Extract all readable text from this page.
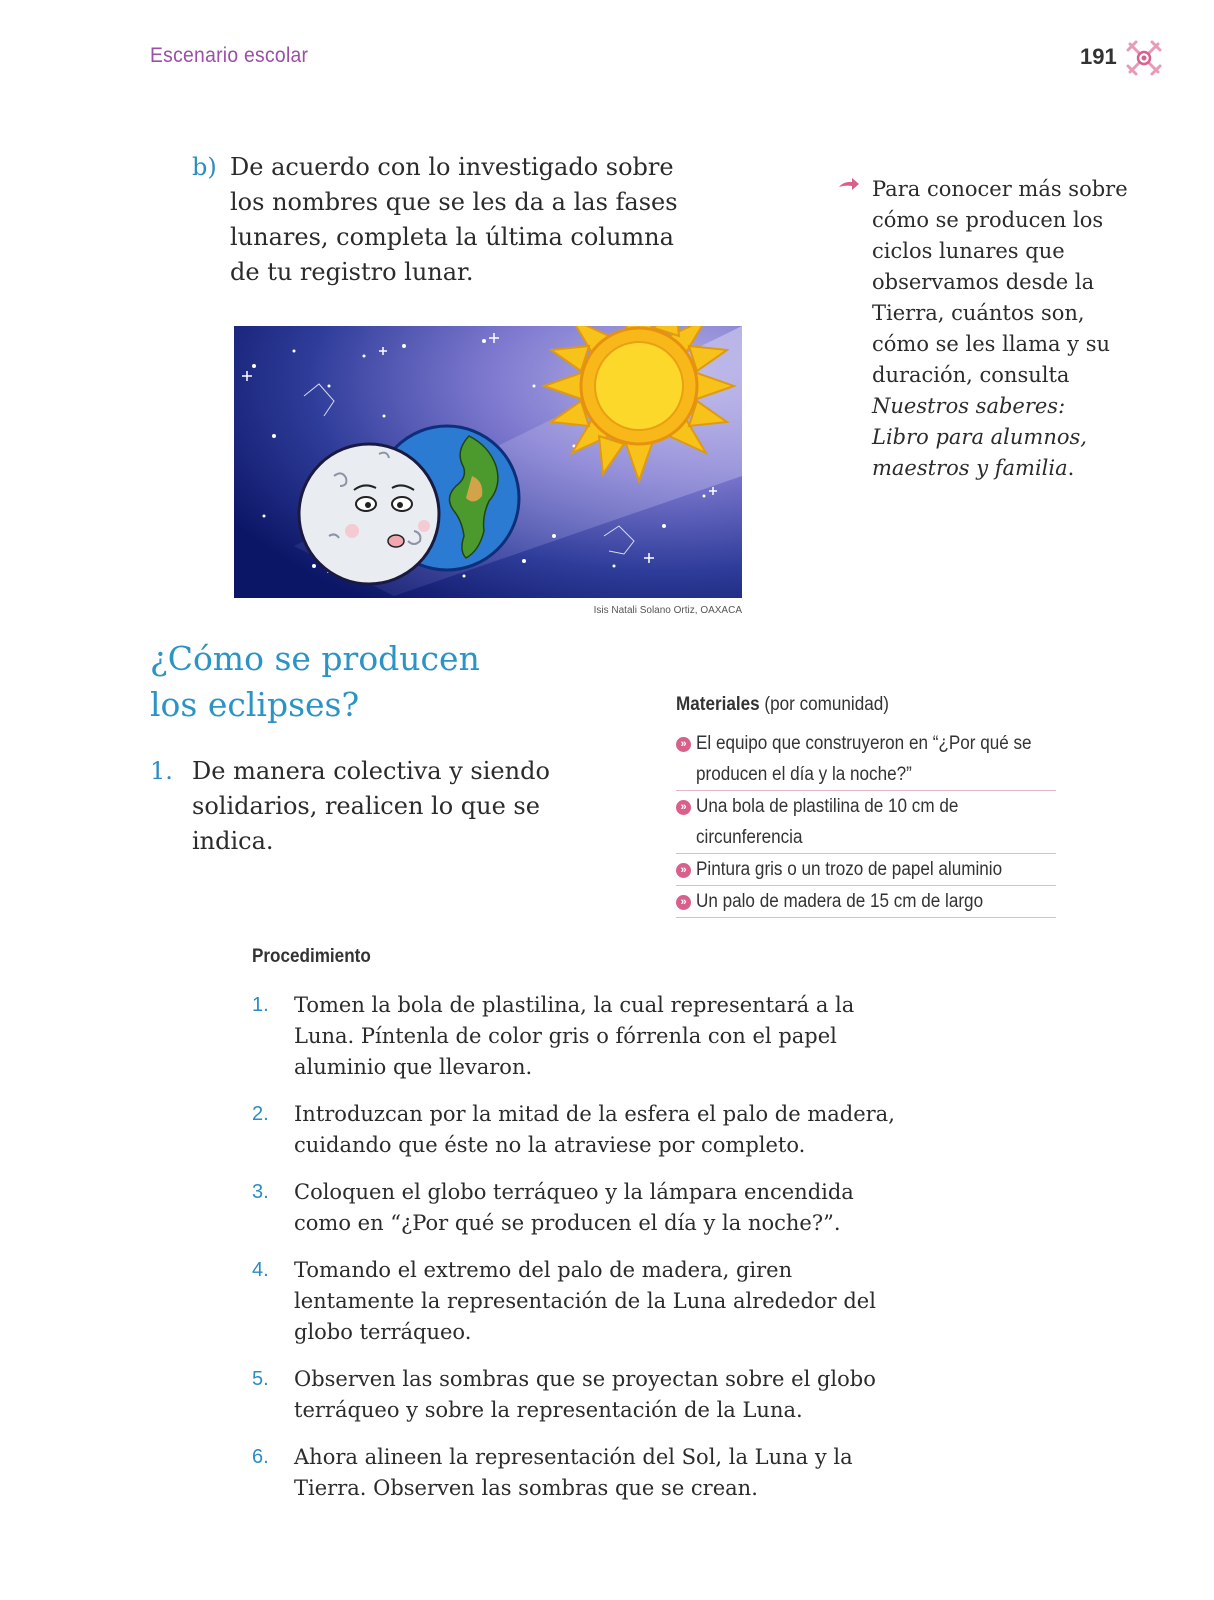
Escenario escolar	191
b) De acuerdo con lo investigado sobre los nombres que se les da a las fases lunares, completa la última columna de tu registro lunar.
Para conocer más sobre cómo se producen los ciclos lunares que observamos desde la Tierra, cuántos son, cómo se les llama y su duración, consulta Nuestros saberes: Libro para alumnos, maestros y familia.
Isis Natali Solano Ortiz, OAXACA
¿Cómo se producen
los eclipses?
1. De manera colectiva y siendo solidarios, realicen lo que se indica.
Materiales (por comunidad)
» El equipo que construyeron en “¿Por qué se producen el día y la noche?”
» Una bola de plastilina de 10 cm de circunferencia
» Pintura gris o un trozo de papel aluminio
» Un palo de madera de 15 cm de largo
Procedimiento
1. Tomen la bola de plastilina, la cual representará a la Luna. Píntenla de color gris o fórrenla con el papel aluminio que llevaron.
2. Introduzcan por la mitad de la esfera el palo de madera, cuidando que éste no la atraviese por completo.
3. Coloquen el globo terráqueo y la lámpara encendida como en “¿Por qué se producen el día y la noche?”.
4. Tomando el extremo del palo de madera, giren lentamente la representación de la Luna alrededor del globo terráqueo.
5. Observen las sombras que se proyectan sobre el globo terráqueo y sobre la representación de la Luna.
6. Ahora alineen la representación del Sol, la Luna y la Tierra. Observen las sombras que se crean.
